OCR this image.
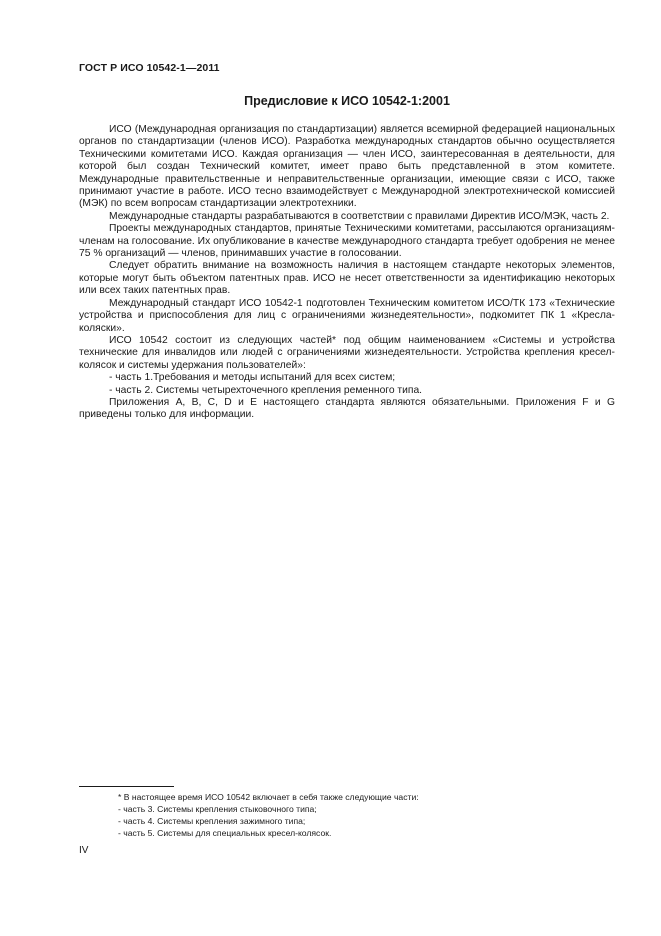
ГОСТ Р ИСО 10542-1—2011
Предисловие к ИСО 10542-1:2001

ИСО (Международная организация по стандартизации) является всемирной федерацией национальных органов по стандартизации (членов ИСО). Разработка международных стандартов обычно осуществляется Техническими комитетами ИСО. Каждая организация — член ИСО, заинтересованная в деятельности, для которой был создан Технический комитет, имеет право быть представленной в этом комитете. Международные правительственные и неправительственные организации, имеющие связи с ИСО, также принимают участие в работе. ИСО тесно взаимодействует с Международной электротехнической комиссией (МЭК) по всем вопросам стандартизации электротехники.

Международные стандарты разрабатываются в соответствии с правилами Директив ИСО/МЭК, часть 2.

Проекты международных стандартов, принятые Техническими комитетами, рассылаются организациям-членам на голосование. Их опубликование в качестве международного стандарта требует одобрения не менее 75 % организаций — членов, принимавших участие в голосовании.

Следует обратить внимание на возможность наличия в настоящем стандарте некоторых элементов, которые могут быть объектом патентных прав. ИСО не несет ответственности за идентификацию некоторых или всех таких патентных прав.

Международный стандарт ИСО 10542-1 подготовлен Техническим комитетом ИСО/ТК 173 «Технические устройства и приспособления для лиц с ограничениями жизнедеятельности», подкомитет ПК 1 «Кресла-коляски».

ИСО 10542 состоит из следующих частей* под общим наименованием «Системы и устройства технические для инвалидов или людей с ограничениями жизнедеятельности. Устройства крепления кресел-колясок и системы удержания пользователей»:

- часть 1.Требования и методы испытаний для всех систем;

- часть 2. Системы четырехточечного крепления ременного типа.

Приложения А, В, С, D и Е настоящего стандарта являются обязательными. Приложения F и G приведены только для информации.

* В настоящее время ИСО 10542 включает в себя также следующие части:
- часть 3. Системы крепления стыковочного типа;
- часть 4. Системы крепления зажимного типа;
- часть 5. Системы для специальных кресел-колясок.
IV
